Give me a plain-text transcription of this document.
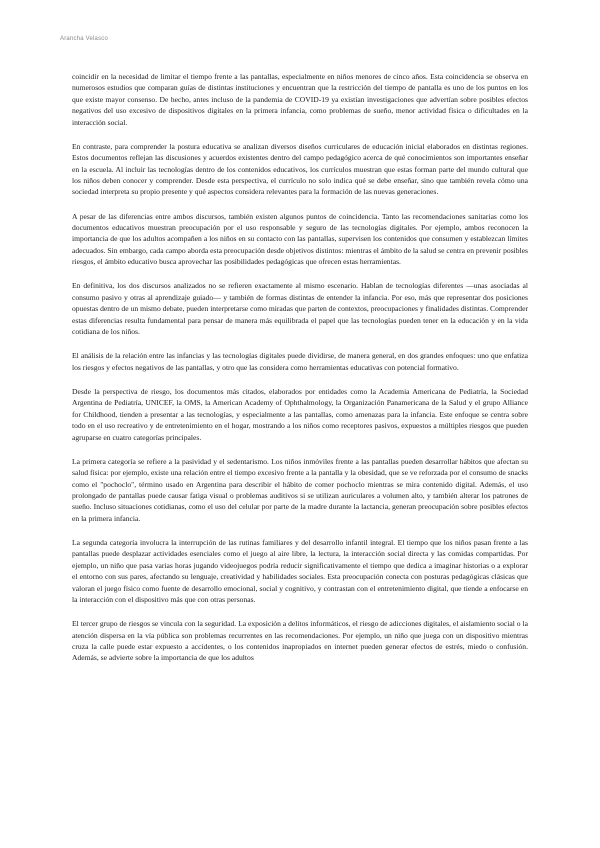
Arancha Velasco

coincidir en la necesidad de limitar el tiempo frente a las pantallas, especialmente en niños menores de cinco años. Esta coincidencia se observa en numerosos estudios que comparan guías de distintas instituciones y encuentran que la restricción del tiempo de pantalla es uno de los puntos en los que existe mayor consenso. De hecho, antes incluso de la pandemia de COVID-19 ya existían investigaciones que advertían sobre posibles efectos negativos del uso excesivo de dispositivos digitales en la primera infancia, como problemas de sueño, menor actividad física o dificultades en la interacción social.

En contraste, para comprender la postura educativa se analizan diversos diseños curriculares de educación inicial elaborados en distintas regiones. Estos documentos reflejan las discusiones y acuerdos existentes dentro del campo pedagógico acerca de qué conocimientos son importantes enseñar en la escuela. Al incluir las tecnologías dentro de los contenidos educativos, los currículos muestran que estas forman parte del mundo cultural que los niños deben conocer y comprender. Desde esta perspectiva, el currículo no solo indica qué se debe enseñar, sino que también revela cómo una sociedad interpreta su propio presente y qué aspectos considera relevantes para la formación de las nuevas generaciones.

A pesar de las diferencias entre ambos discursos, también existen algunos puntos de coincidencia. Tanto las recomendaciones sanitarias como los documentos educativos muestran preocupación por el uso responsable y seguro de las tecnologías digitales. Por ejemplo, ambos reconocen la importancia de que los adultos acompañen a los niños en su contacto con las pantallas, supervisen los contenidos que consumen y establezcan límites adecuados. Sin embargo, cada campo aborda esta preocupación desde objetivos distintos: mientras el ámbito de la salud se centra en prevenir posibles riesgos, el ámbito educativo busca aprovechar las posibilidades pedagógicas que ofrecen estas herramientas.

En definitiva, los dos discursos analizados no se refieren exactamente al mismo escenario. Hablan de tecnologías diferentes —unas asociadas al consumo pasivo y otras al aprendizaje guiado— y también de formas distintas de entender la infancia. Por eso, más que representar dos posiciones opuestas dentro de un mismo debate, pueden interpretarse como miradas que parten de contextos, preocupaciones y finalidades distintas. Comprender estas diferencias resulta fundamental para pensar de manera más equilibrada el papel que las tecnologías pueden tener en la educación y en la vida cotidiana de los niños.

El análisis de la relación entre las infancias y las tecnologías digitales puede dividirse, de manera general, en dos grandes enfoques: uno que enfatiza los riesgos y efectos negativos de las pantallas, y otro que las considera como herramientas educativas con potencial formativo.

Desde la perspectiva de riesgo, los documentos más citados, elaborados por entidades como la Academia Americana de Pediatría, la Sociedad Argentina de Pediatría, UNICEF, la OMS, la American Academy of Ophthalmology, la Organización Panamericana de la Salud y el grupo Alliance for Childhood, tienden a presentar a las tecnologías, y especialmente a las pantallas, como amenazas para la infancia. Este enfoque se centra sobre todo en el uso recreativo y de entretenimiento en el hogar, mostrando a los niños como receptores pasivos, expuestos a múltiples riesgos que pueden agruparse en cuatro categorías principales.

La primera categoría se refiere a la pasividad y el sedentarismo. Los niños inmóviles frente a las pantallas pueden desarrollar hábitos que afectan su salud física: por ejemplo, existe una relación entre el tiempo excesivo frente a la pantalla y la obesidad, que se ve reforzada por el consumo de snacks como el "pochoclo", término usado en Argentina para describir el hábito de comer pochoclo mientras se mira contenido digital. Además, el uso prolongado de pantallas puede causar fatiga visual o problemas auditivos si se utilizan auriculares a volumen alto, y también alterar los patrones de sueño. Incluso situaciones cotidianas, como el uso del celular por parte de la madre durante la lactancia, generan preocupación sobre posibles efectos en la primera infancia.

La segunda categoría involucra la interrupción de las rutinas familiares y del desarrollo infantil integral. El tiempo que los niños pasan frente a las pantallas puede desplazar actividades esenciales como el juego al aire libre, la lectura, la interacción social directa y las comidas compartidas. Por ejemplo, un niño que pasa varias horas jugando videojuegos podría reducir significativamente el tiempo que dedica a imaginar historias o a explorar el entorno con sus pares, afectando su lenguaje, creatividad y habilidades sociales. Esta preocupación conecta con posturas pedagógicas clásicas que valoran el juego físico como fuente de desarrollo emocional, social y cognitivo, y contrastan con el entretenimiento digital, que tiende a enfocarse en la interacción con el dispositivo más que con otras personas.

El tercer grupo de riesgos se vincula con la seguridad. La exposición a delitos informáticos, el riesgo de adicciones digitales, el aislamiento social o la atención dispersa en la vía pública son problemas recurrentes en las recomendaciones. Por ejemplo, un niño que juega con un dispositivo mientras cruza la calle puede estar expuesto a accidentes, o los contenidos inapropiados en internet pueden generar efectos de estrés, miedo o confusión. Además, se advierte sobre la importancia de que los adultos
